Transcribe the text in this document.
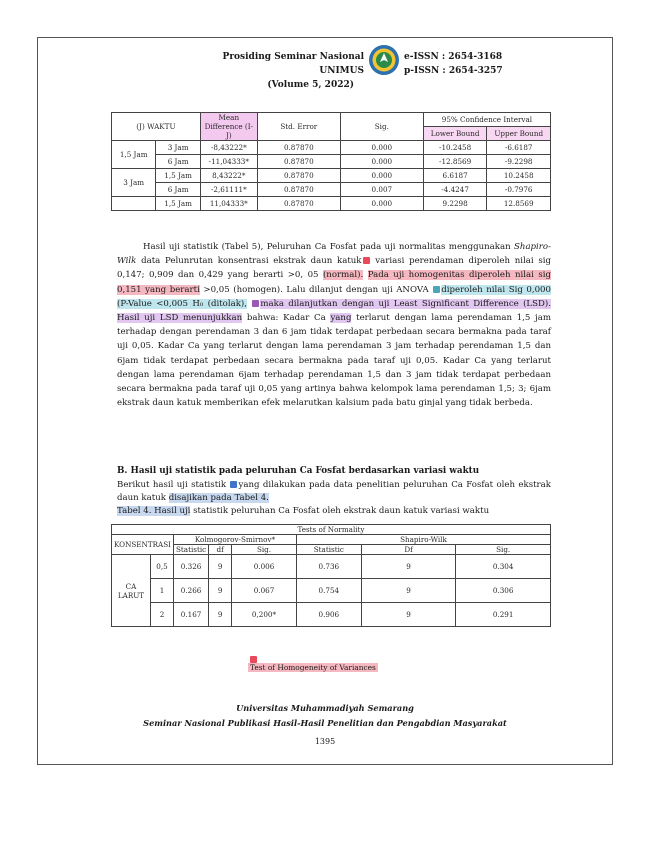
Prosiding Seminar Nasional UNIMUS
(Volume 5, 2022)
e-ISSN : 2654-3168
p-ISSN : 2654-3257
(J) WAKTU		Mean Difference (I-J)	Std. Error	Sig.	95% Confidence Interval	
					Lower Bound	Upper Bound
1,5 Jam	3 Jam	-8,43222*	0.87870	0.000	-10.2458	-6.6187
	6 Jam	-11,04333*	0.87870	0.000	-12.8569	-9.2298
3 Jam	1,5 Jam	8,43222*	0.87870	0.000	6.6187	10.2458
	6 Jam	-2,61111*	0.87870	0.007	-4.4247	-0.7976
	1,5 Jam	11,04333*	0.87870	0.000	9.2298	12.8569

Hasil uji statistik (Tabel 5), Peluruhan Ca Fosfat pada uji normalitas menggunakan Shapiro-Wilk data Pelunrutan konsentrasi ekstrak daun katuk variasi perendaman diperoleh nilai sig 0,147; 0,909 dan 0,429 yang berarti >0, 05 (normal). Pada uji homogenitas diperoleh nilai sig 0,151 yang berarti >0,05 (homogen). Lalu dilanjut dengan uji ANOVA diperoleh nilai Sig 0,000 (P-Value <0,005 H₀ (ditolak), maka dilanjutkan dengan uji Least Significant Difference (LSD). Hasil uji LSD menunjukkan bahwa: Kadar Ca yang terlarut dengan lama perendaman 1,5 jam terhadap dengan perendaman 3 dan 6 jam tidak terdapat perbedaan secara bermakna pada taraf uji 0,05. Kadar Ca yang terlarut dengan lama perendaman 3 jam terhadap perendaman 1,5 dan 6jam tidak terdapat perbedaan secara bermakna pada taraf uji 0,05. Kadar Ca yang terlarut dengan lama perendaman 6jam terhadap perendaman 1,5 dan 3 jam tidak terdapat perbedaan secara bermakna pada taraf uji 0,05 yang artinya bahwa kelompok lama perendaman 1,5; 3; 6jam ekstrak daun katuk memberikan efek melarutkan kalsium pada batu ginjal yang tidak berbeda.

B. Hasil uji statistik pada peluruhan Ca Fosfat berdasarkan variasi waktu

Berikut hasil uji statistik yang dilakukan pada data penelitian peluruhan Ca Fosfat oleh ekstrak daun katuk disajikan pada Tabel 4.

Tabel 4. Hasil uji statistik peluruhan Ca Fosfat oleh ekstrak daun katuk variasi waktu

Tests of Normality							
KONSENTRASI		Kolmogorov-Smirnov*			Shapiro-Wilk		
		Statistic	df	Sig.	Statistic	Df	Sig.
CA LARUT	0,5	0.326	9	0.006	0.736	9	0.304
	1	0.266	9	0.067	0.754	9	0.306
	2	0.167	9	0,200*	0.906	9	0.291
Test of Homogeneity of Variances
Universitas Muhammadiyah Semarang
Seminar Nasional Publikasi Hasil-Hasil Penelitian dan Pengabdian Masyarakat
1395
